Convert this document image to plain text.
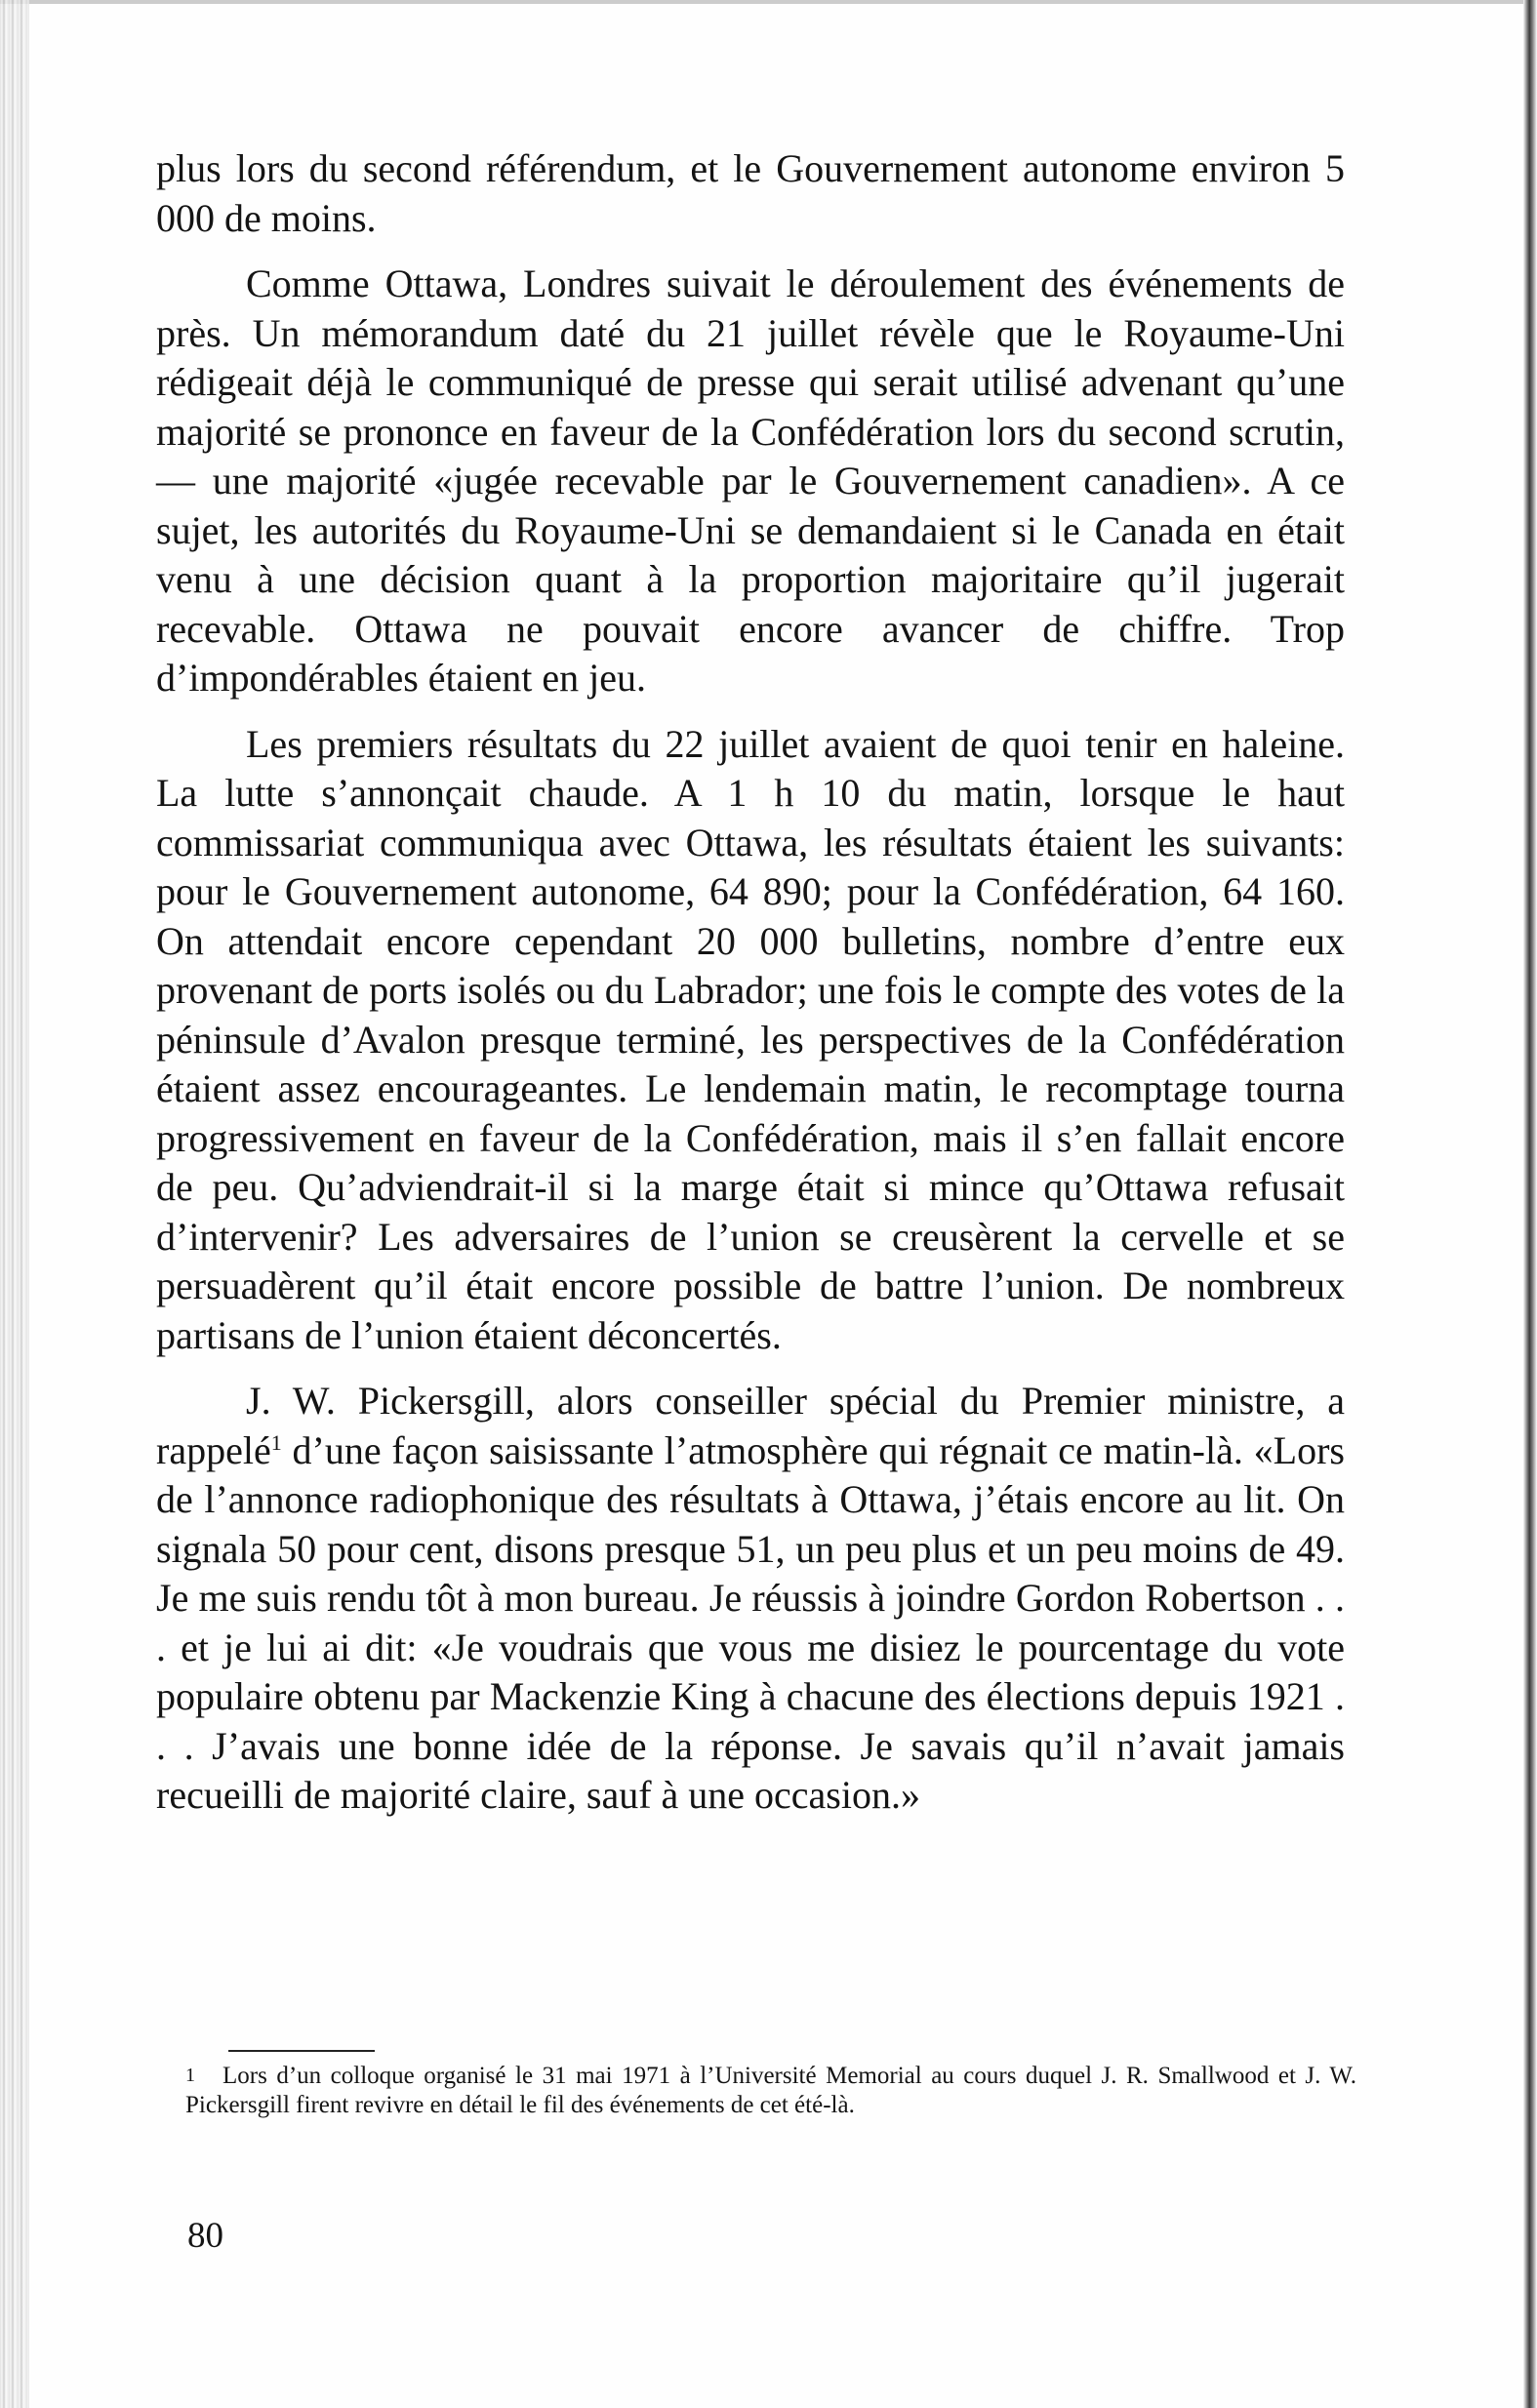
plus lors du second référendum, et le Gouvernement autonome environ 5 000 de moins.

Comme Ottawa, Londres suivait le déroulement des événements de près. Un mémorandum daté du 21 juillet révèle que le Royaume-Uni rédigeait déjà le communiqué de presse qui serait utilisé advenant qu’une majorité se prononce en faveur de la Confédération lors du second scrutin, — une majorité «jugée recevable par le Gouvernement canadien». A ce sujet, les autorités du Royaume-Uni se demandaient si le Canada en était venu à une décision quant à la proportion majoritaire qu’il jugerait recevable. Ottawa ne pouvait encore avancer de chiffre. Trop d’impondérables étaient en jeu.

Les premiers résultats du 22 juillet avaient de quoi tenir en haleine. La lutte s’annonçait chaude. A 1 h 10 du matin, lorsque le haut commissariat communiqua avec Ottawa, les résultats étaient les suivants: pour le Gouvernement autonome, 64 890; pour la Confédération, 64 160. On attendait encore cependant 20 000 bulletins, nombre d’entre eux provenant de ports isolés ou du Labrador; une fois le compte des votes de la péninsule d’Avalon presque terminé, les perspectives de la Confédération étaient assez encourageantes. Le lendemain matin, le recomptage tourna progressivement en faveur de la Confédération, mais il s’en fallait encore de peu. Qu’adviendrait-il si la marge était si mince qu’Ottawa refusait d’intervenir? Les adversaires de l’union se creusèrent la cervelle et se persuadèrent qu’il était encore possible de battre l’union. De nombreux partisans de l’union étaient déconcertés.

J. W. Pickersgill, alors conseiller spécial du Premier ministre, a rappelé$^1$ d’une façon saisissante l’atmosphère qui régnait ce matin-là. «Lors de l’annonce radiophonique des résultats à Ottawa, j’étais encore au lit. On signala 50 pour cent, disons presque 51, un peu plus et un peu moins de 49. Je me suis rendu tôt à mon bureau. Je réussis à joindre Gordon Robertson . . . et je lui ai dit: «Je voudrais que vous me disiez le pourcentage du vote populaire obtenu par Mackenzie King à chacune des élections depuis 1921 . . . J’avais une bonne idée de la réponse. Je savais qu’il n’avait jamais recueilli de majorité claire, sauf à une occasion.»

1 Lors d’un colloque organisé le 31 mai 1971 à l’Université Memorial au cours duquel J. R. Smallwood et J. W. Pickersgill firent revivre en détail le fil des événements de cet été-là.
80
